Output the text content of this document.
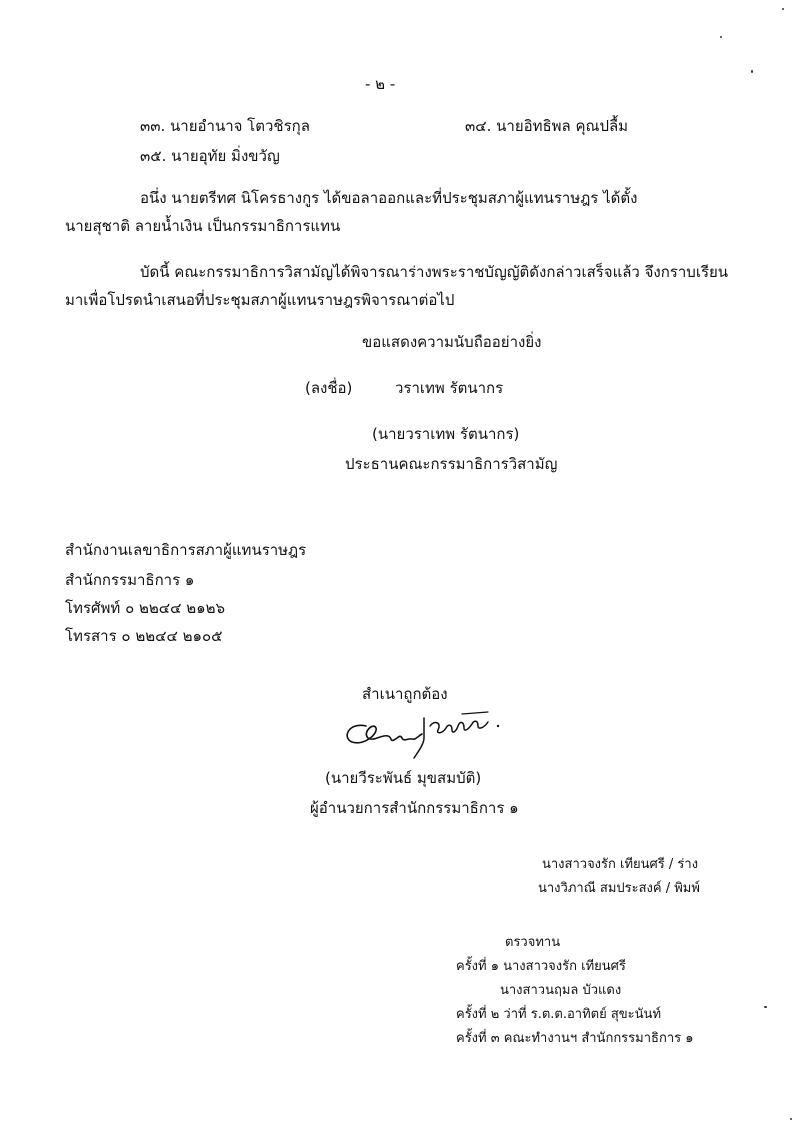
- ๒ -
๓๓. นายอำนาจ โตวชิรกุล	๓๔. นายอิทธิพล คุณปลื้ม
๓๕. นายอุทัย มิ่งขวัญ
อนึ่ง นายตรีทศ นิโครธางกูร ได้ขอลาออกและที่ประชุมสภาผู้แทนราษฎร ได้ตั้ง
นายสุชาติ ลายน้ำเงิน เป็นกรรมาธิการแทน
บัดนี้ คณะกรรมาธิการวิสามัญได้พิจารณาร่างพระราชบัญญัติดังกล่าวเสร็จแล้ว จึงกราบเรียน
มาเพื่อโปรดนำเสนอที่ประชุมสภาผู้แทนราษฎรพิจารณาต่อไป
ขอแสดงความนับถืออย่างยิ่ง
(ลงชื่อ)	วราเทพ รัตนากร
(นายวราเทพ รัตนากร)
ประธานคณะกรรมาธิการวิสามัญ
สำนักงานเลขาธิการสภาผู้แทนราษฎร
สำนักกรรมาธิการ ๑
โทรศัพท์ ๐ ๒๒๔๔ ๒๑๒๖
โทรสาร ๐ ๒๒๔๔ ๒๑๐๕
สำเนาถูกต้อง
(นายวีระพันธ์ มุขสมบัติ)
ผู้อำนวยการสำนักกรรมาธิการ ๑
นางสาวจงรัก เทียนศรี / ร่าง
นางวิภาณี สมประสงค์ / พิมพ์
ตรวจทาน
ครั้งที่ ๑ นางสาวจงรัก เทียนศรี
นางสาวนฤมล บัวแดง
ครั้งที่ ๒ ว่าที่ ร.ต.ต.อาทิตย์ สุขะนันท์
ครั้งที่ ๓ คณะทำงานฯ สำนักกรรมาธิการ ๑
